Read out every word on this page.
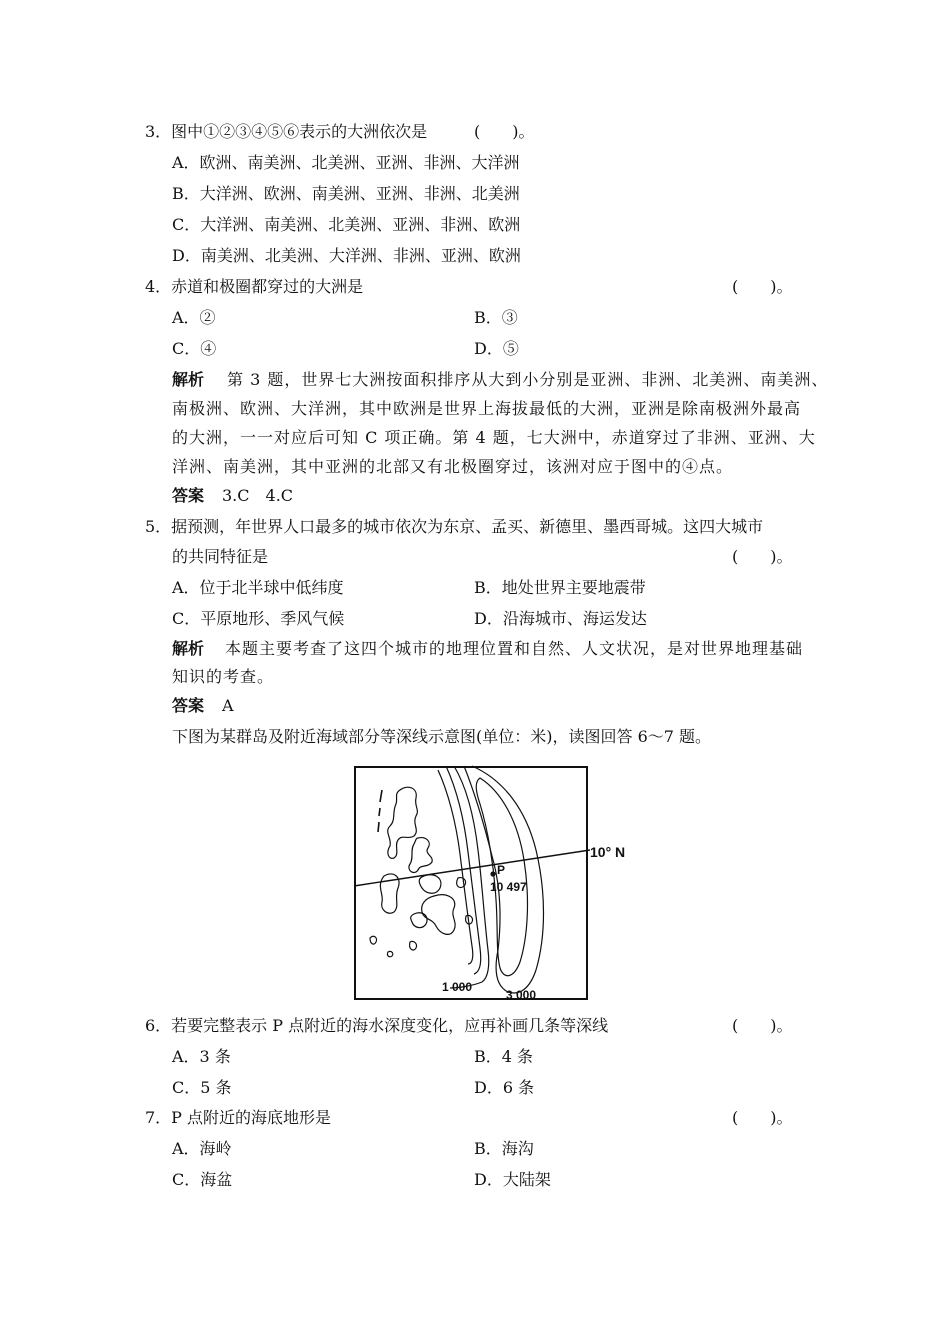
3．图中①②③④⑤⑥表示的大洲依次是	(　　)。
A．欧洲、南美洲、北美洲、亚洲、非洲、大洋洲
B．大洋洲、欧洲、南美洲、亚洲、非洲、北美洲
C．大洋洲、南美洲、北美洲、亚洲、非洲、欧洲
D．南美洲、北美洲、大洋洲、非洲、亚洲、欧洲
4．赤道和极圈都穿过的大洲是	(　　)。
A．②	B．③
C．④	D．⑤
解析 第 3 题，世界七大洲按面积排序从大到小分别是亚洲、非洲、北美洲、南美洲、
南极洲、欧洲、大洋洲，其中欧洲是世界上海拔最低的大洲，亚洲是除南极洲外最高
的大洲，一一对应后可知 C 项正确。第 4 题，七大洲中，赤道穿过了非洲、亚洲、大
洋洲、南美洲，其中亚洲的北部又有北极圈穿过，该洲对应于图中的④点。
答案 3.C　4.C
5．据预测，年世界人口最多的城市依次为东京、孟买、新德里、墨西哥城。这四大城市
的共同特征是	(　　)。
A．位于北半球中低纬度	B．地处世界主要地震带
C．平原地形、季风气候	D．沿海城市、海运发达
解析 本题主要考查了这四个城市的地理位置和自然、人文状况，是对世界地理基础
知识的考查。
答案 A
下图为某群岛及附近海域部分等深线示意图(单位：米)，读图回答 6～7 题。
10° N
P
10 497
1 000
3 000
6．若要完整表示 P 点附近的海水深度变化，应再补画几条等深线	(　　)。
A．3 条	B．4 条
C．5 条	D．6 条
7．P 点附近的海底地形是	(　　)。
A．海岭	B．海沟
C．海盆	D．大陆架
